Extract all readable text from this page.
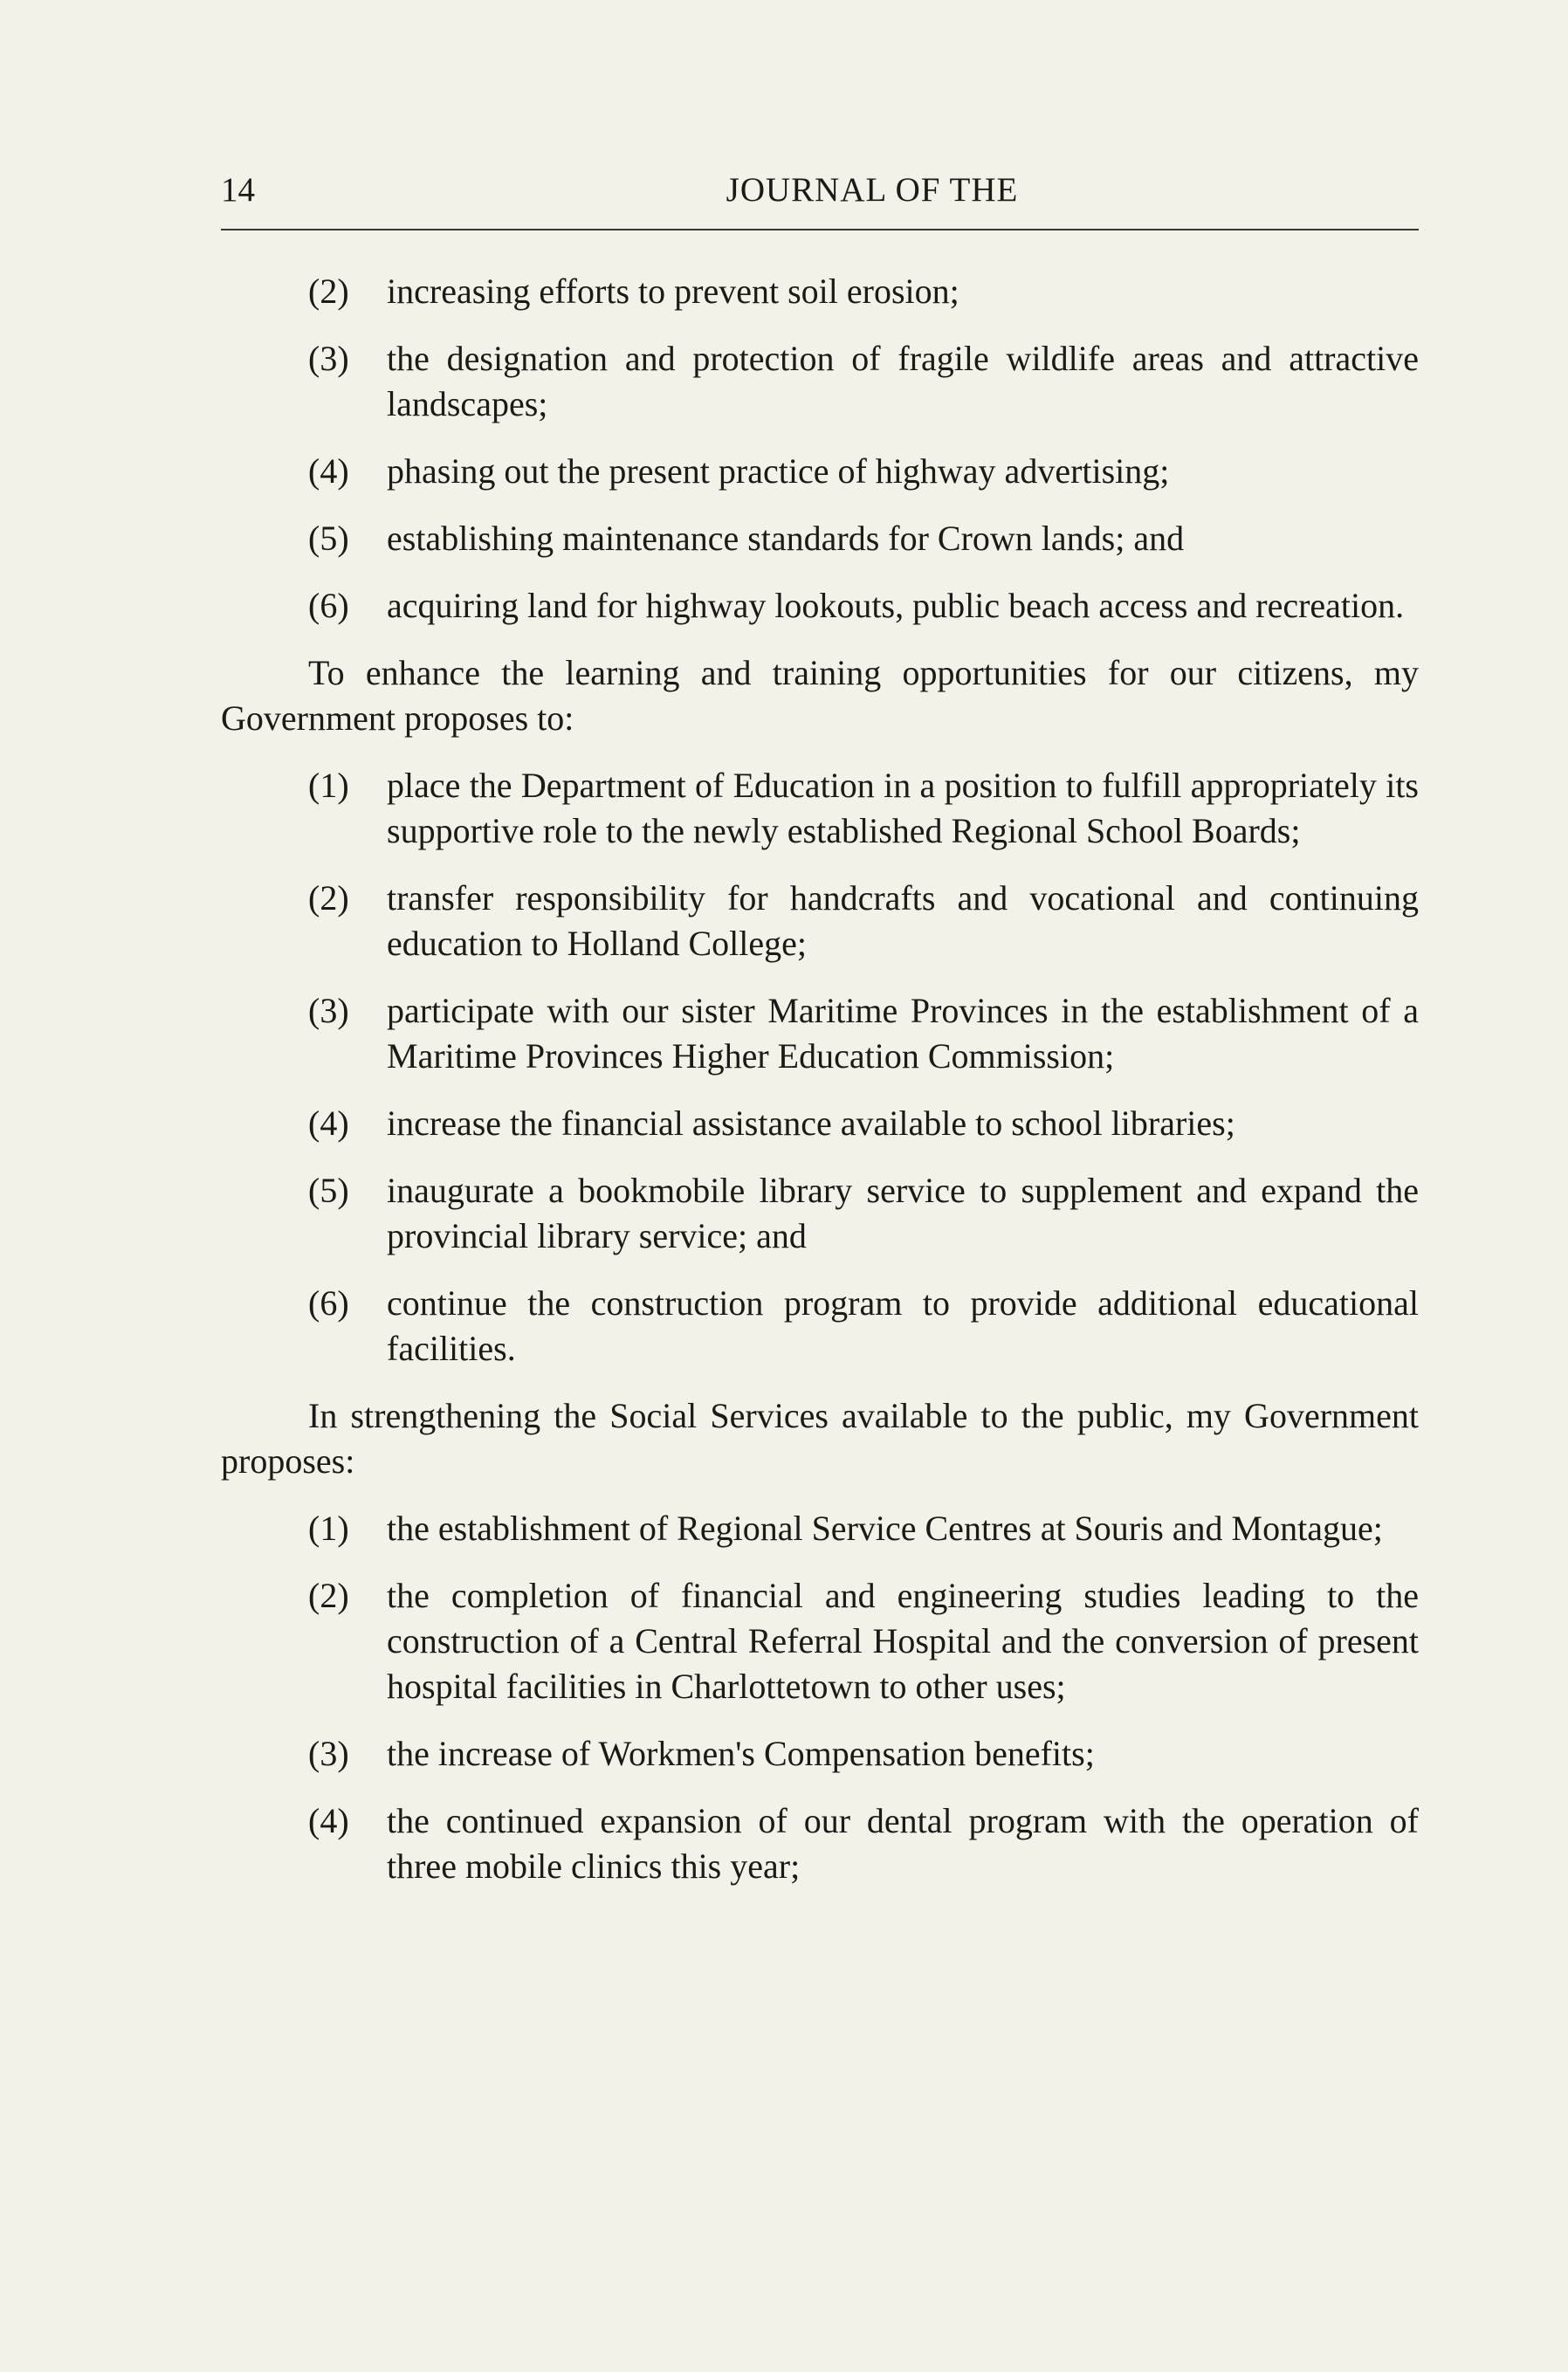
14	JOURNAL OF THE
(2) increasing efforts to prevent soil erosion;
(3) the designation and protection of fragile wildlife areas and attractive landscapes;
(4) phasing out the present practice of highway advertising;
(5) establishing maintenance standards for Crown lands; and
(6) acquiring land for highway lookouts, public beach access and recreation.

To enhance the learning and training opportunities for our citizens, my Government proposes to:

(1) place the Department of Education in a position to fulfill appropriately its supportive role to the newly established Regional School Boards;
(2) transfer responsibility for handcrafts and vocational and continuing education to Holland College;
(3) participate with our sister Maritime Provinces in the establishment of a Maritime Provinces Higher Education Commission;
(4) increase the financial assistance available to school libraries;
(5) inaugurate a bookmobile library service to supplement and expand the provincial library service; and
(6) continue the construction program to provide additional educational facilities.

In strengthening the Social Services available to the public, my Government proposes:

(1) the establishment of Regional Service Centres at Souris and Montague;
(2) the completion of financial and engineering studies leading to the construction of a Central Referral Hospital and the conversion of present hospital facilities in Charlottetown to other uses;
(3) the increase of Workmen's Compensation benefits;
(4) the continued expansion of our dental program with the operation of three mobile clinics this year;
